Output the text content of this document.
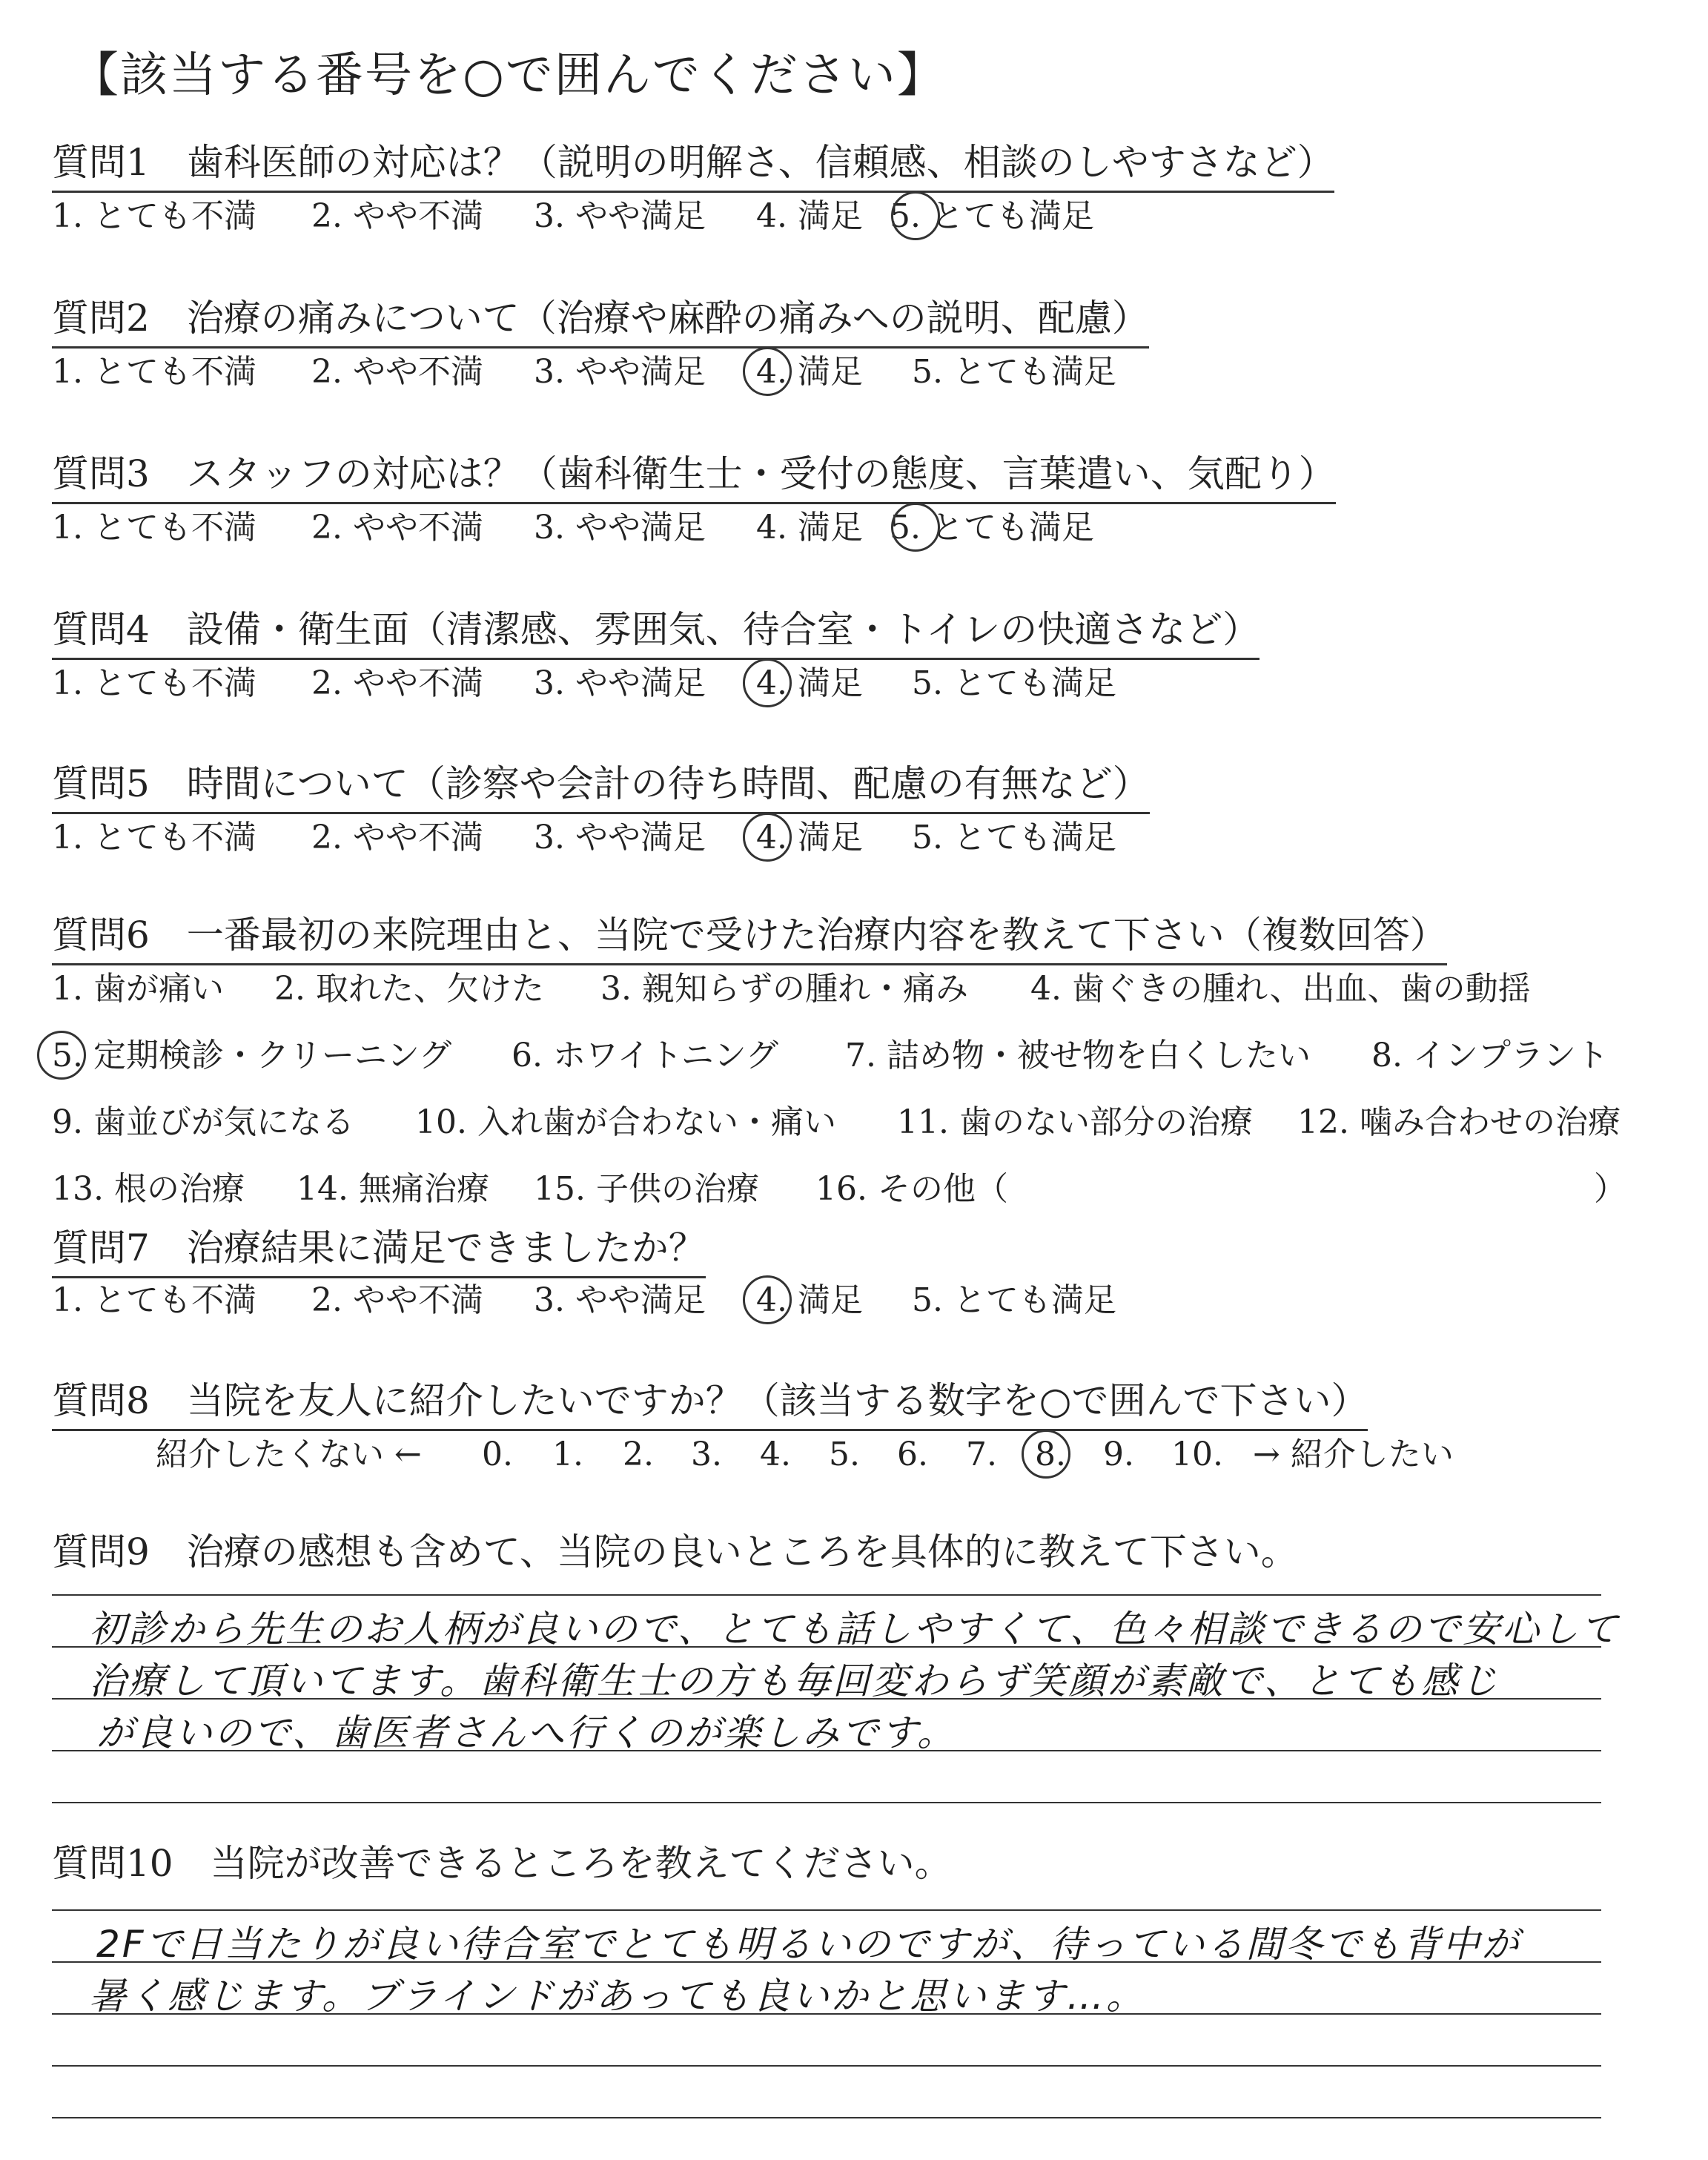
【該当する番号を○で囲んでください】
質問1　歯科医師の対応は？（説明の明解さ、信頼感、相談のしやすさなど）
1. とても不満 2. やや不満 3. やや満足 4. 満足 5. とても満足
質問2　治療の痛みについて（治療や麻酔の痛みへの説明、配慮）
1. とても不満 2. やや不満 3. やや満足 4. 満足 5. とても満足
質問3　スタッフの対応は？（歯科衛生士・受付の態度、言葉遣い、気配り）
1. とても不満 2. やや不満 3. やや満足 4. 満足 5. とても満足
質問4　設備・衛生面（清潔感、雰囲気、待合室・トイレの快適さなど）
1. とても不満 2. やや不満 3. やや満足 4. 満足 5. とても満足
質問5　時間について（診察や会計の待ち時間、配慮の有無など）
1. とても不満 2. やや不満 3. やや満足 4. 満足 5. とても満足
質問6　一番最初の来院理由と、当院で受けた治療内容を教えて下さい（複数回答）
1. 歯が痛い 2. 取れた、欠けた 3. 親知らずの腫れ・痛み 4. 歯ぐきの腫れ、出血、歯の動揺
5. 定期検診・クリーニング 6. ホワイトニング 7. 詰め物・被せ物を白くしたい 8. インプラント
9. 歯並びが気になる 10. 入れ歯が合わない・痛い 11. 歯のない部分の治療 12. 噛み合わせの治療
13. 根の治療 14. 無痛治療 15. 子供の治療 16. その他（	）
質問7　治療結果に満足できましたか？
1. とても不満 2. やや不満 3. やや満足 4. 満足 5. とても満足
質問8　当院を友人に紹介したいですか？（該当する数字を○で囲んで下さい）
紹介したくない ← 0. 1. 2. 3. 4. 5. 6. 7. 8. 9. 10. → 紹介したい
質問9　治療の感想も含めて、当院の良いところを具体的に教えて下さい。
初診から先生のお人柄が良いので、とても話しやすくて、色々相談できるので安心して
治療して頂いてます。歯科衛生士の方も毎回変わらず笑顔が素敵で、とても感じ
が良いので、歯医者さんへ行くのが楽しみです。
質問10　当院が改善できるところを教えてください。
2Fで日当たりが良い待合室でとても明るいのですが、待っている間冬でも背中が
暑く感じます。ブラインドがあっても良いかと思います…。
